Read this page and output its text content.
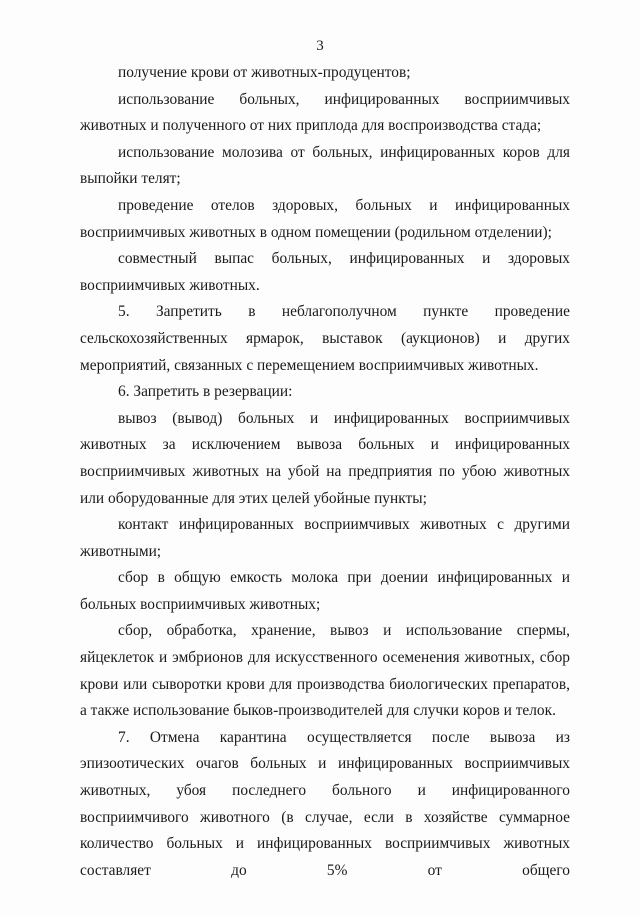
3

получение крови от животных-продуцентов;

использование больных, инфицированных восприимчивых животных и полученного от них приплода для воспроизводства стада;

использование молозива от больных, инфицированных коров для выпойки телят;

проведение отелов здоровых, больных и инфицированных восприимчивых животных в одном помещении (родильном отделении);

совместный выпас больных, инфицированных и здоровых восприимчивых животных.

5. Запретить в неблагополучном пункте проведение сельскохозяйственных ярмарок, выставок (аукционов) и других мероприятий, связанных с перемещением восприимчивых животных.

6. Запретить в резервации:

вывоз (вывод) больных и инфицированных восприимчивых животных за исключением вывоза больных и инфицированных восприимчивых животных на убой на предприятия по убою животных или оборудованные для этих целей убойные пункты;

контакт инфицированных восприимчивых животных с другими животными;

сбор в общую емкость молока при доении инфицированных и больных восприимчивых животных;

сбор, обработка, хранение, вывоз и использование спермы, яйцеклеток и эмбрионов для искусственного осеменения животных, сбор крови или сыворотки крови для производства биологических препаратов, а также использование быков-производителей для случки коров и телок.

7. Отмена карантина осуществляется после вывоза из эпизоотических очагов больных и инфицированных восприимчивых животных, убоя последнего больного и инфицированного восприимчивого животного (в случае, если в хозяйстве суммарное количество больных и инфицированных восприимчивых животных составляет до 5% от общего
